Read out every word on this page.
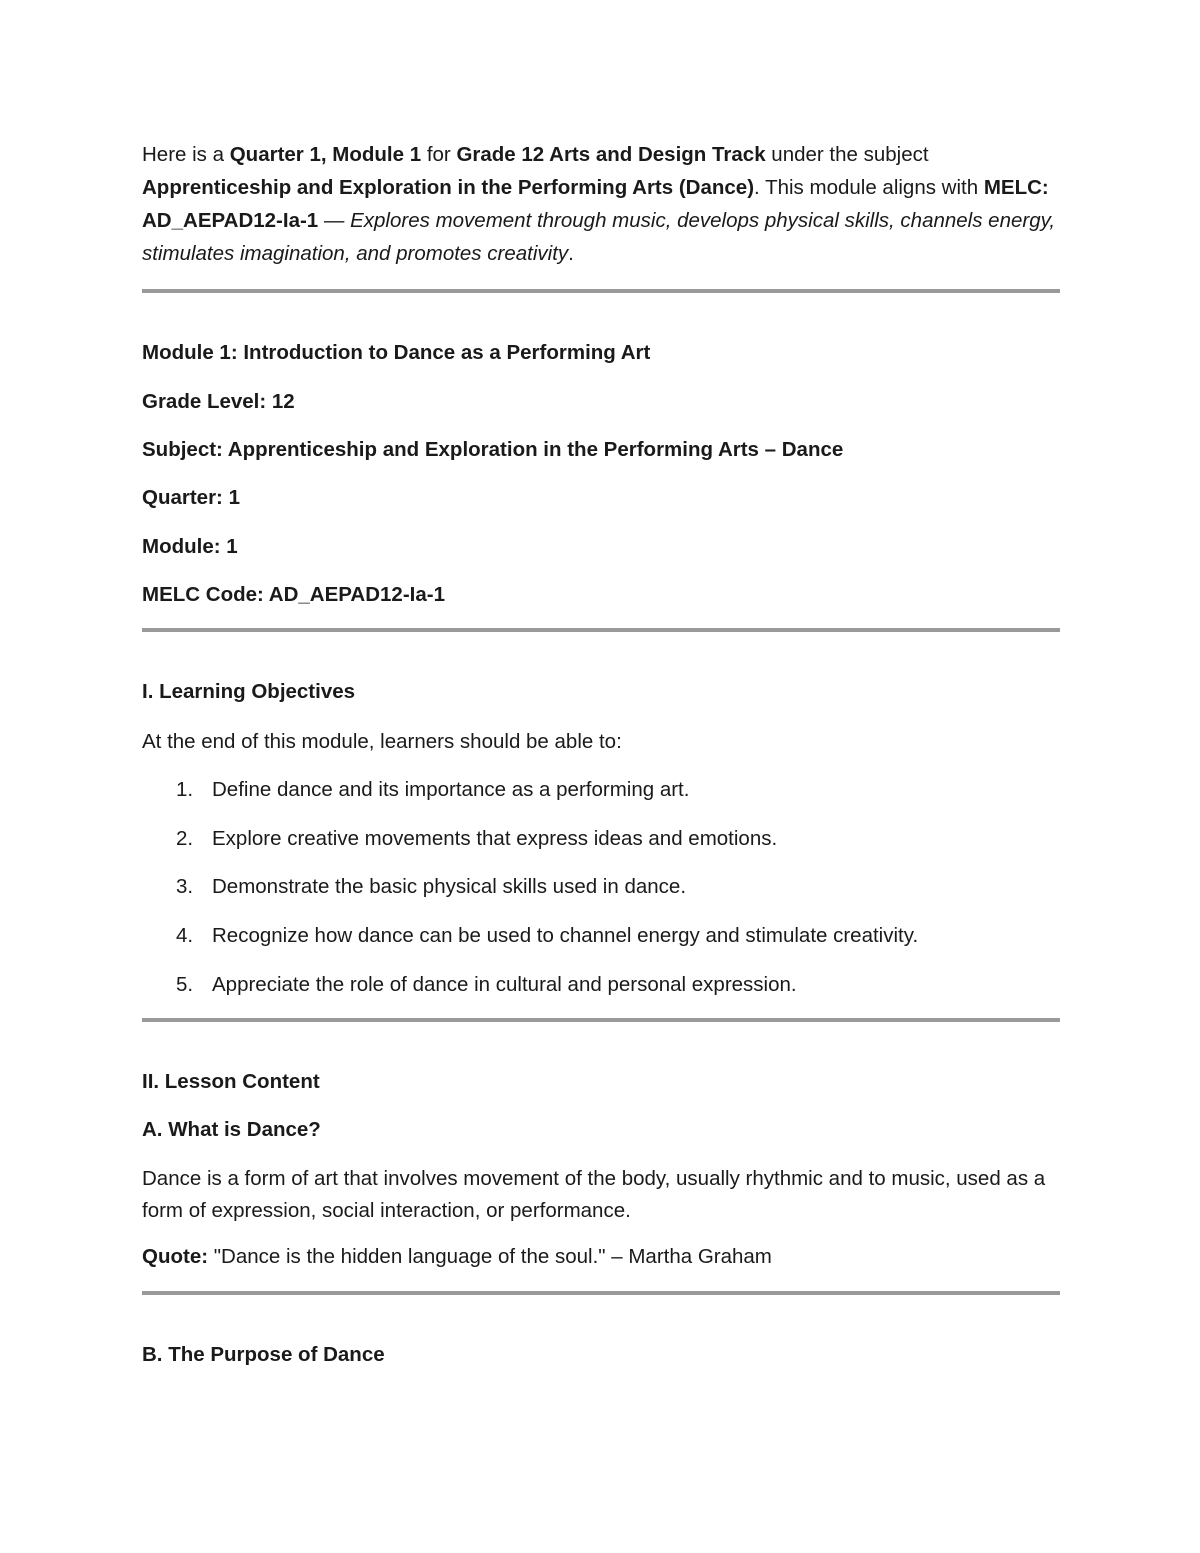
Here is a Quarter 1, Module 1 for Grade 12 Arts and Design Track under the subject Apprenticeship and Exploration in the Performing Arts (Dance). This module aligns with MELC: AD_AEPAD12-Ia-1 — Explores movement through music, develops physical skills, channels energy, stimulates imagination, and promotes creativity.

Module 1: Introduction to Dance as a Performing Art

Grade Level: 12

Subject: Apprenticeship and Exploration in the Performing Arts – Dance

Quarter: 1

Module: 1

MELC Code: AD_AEPAD12-Ia-1

I. Learning Objectives

At the end of this module, learners should be able to:

1. Define dance and its importance as a performing art.
2. Explore creative movements that express ideas and emotions.
3. Demonstrate the basic physical skills used in dance.
4. Recognize how dance can be used to channel energy and stimulate creativity.
5. Appreciate the role of dance in cultural and personal expression.

II. Lesson Content

A. What is Dance?

Dance is a form of art that involves movement of the body, usually rhythmic and to music, used as a form of expression, social interaction, or performance.

Quote: "Dance is the hidden language of the soul." – Martha Graham

B. The Purpose of Dance
